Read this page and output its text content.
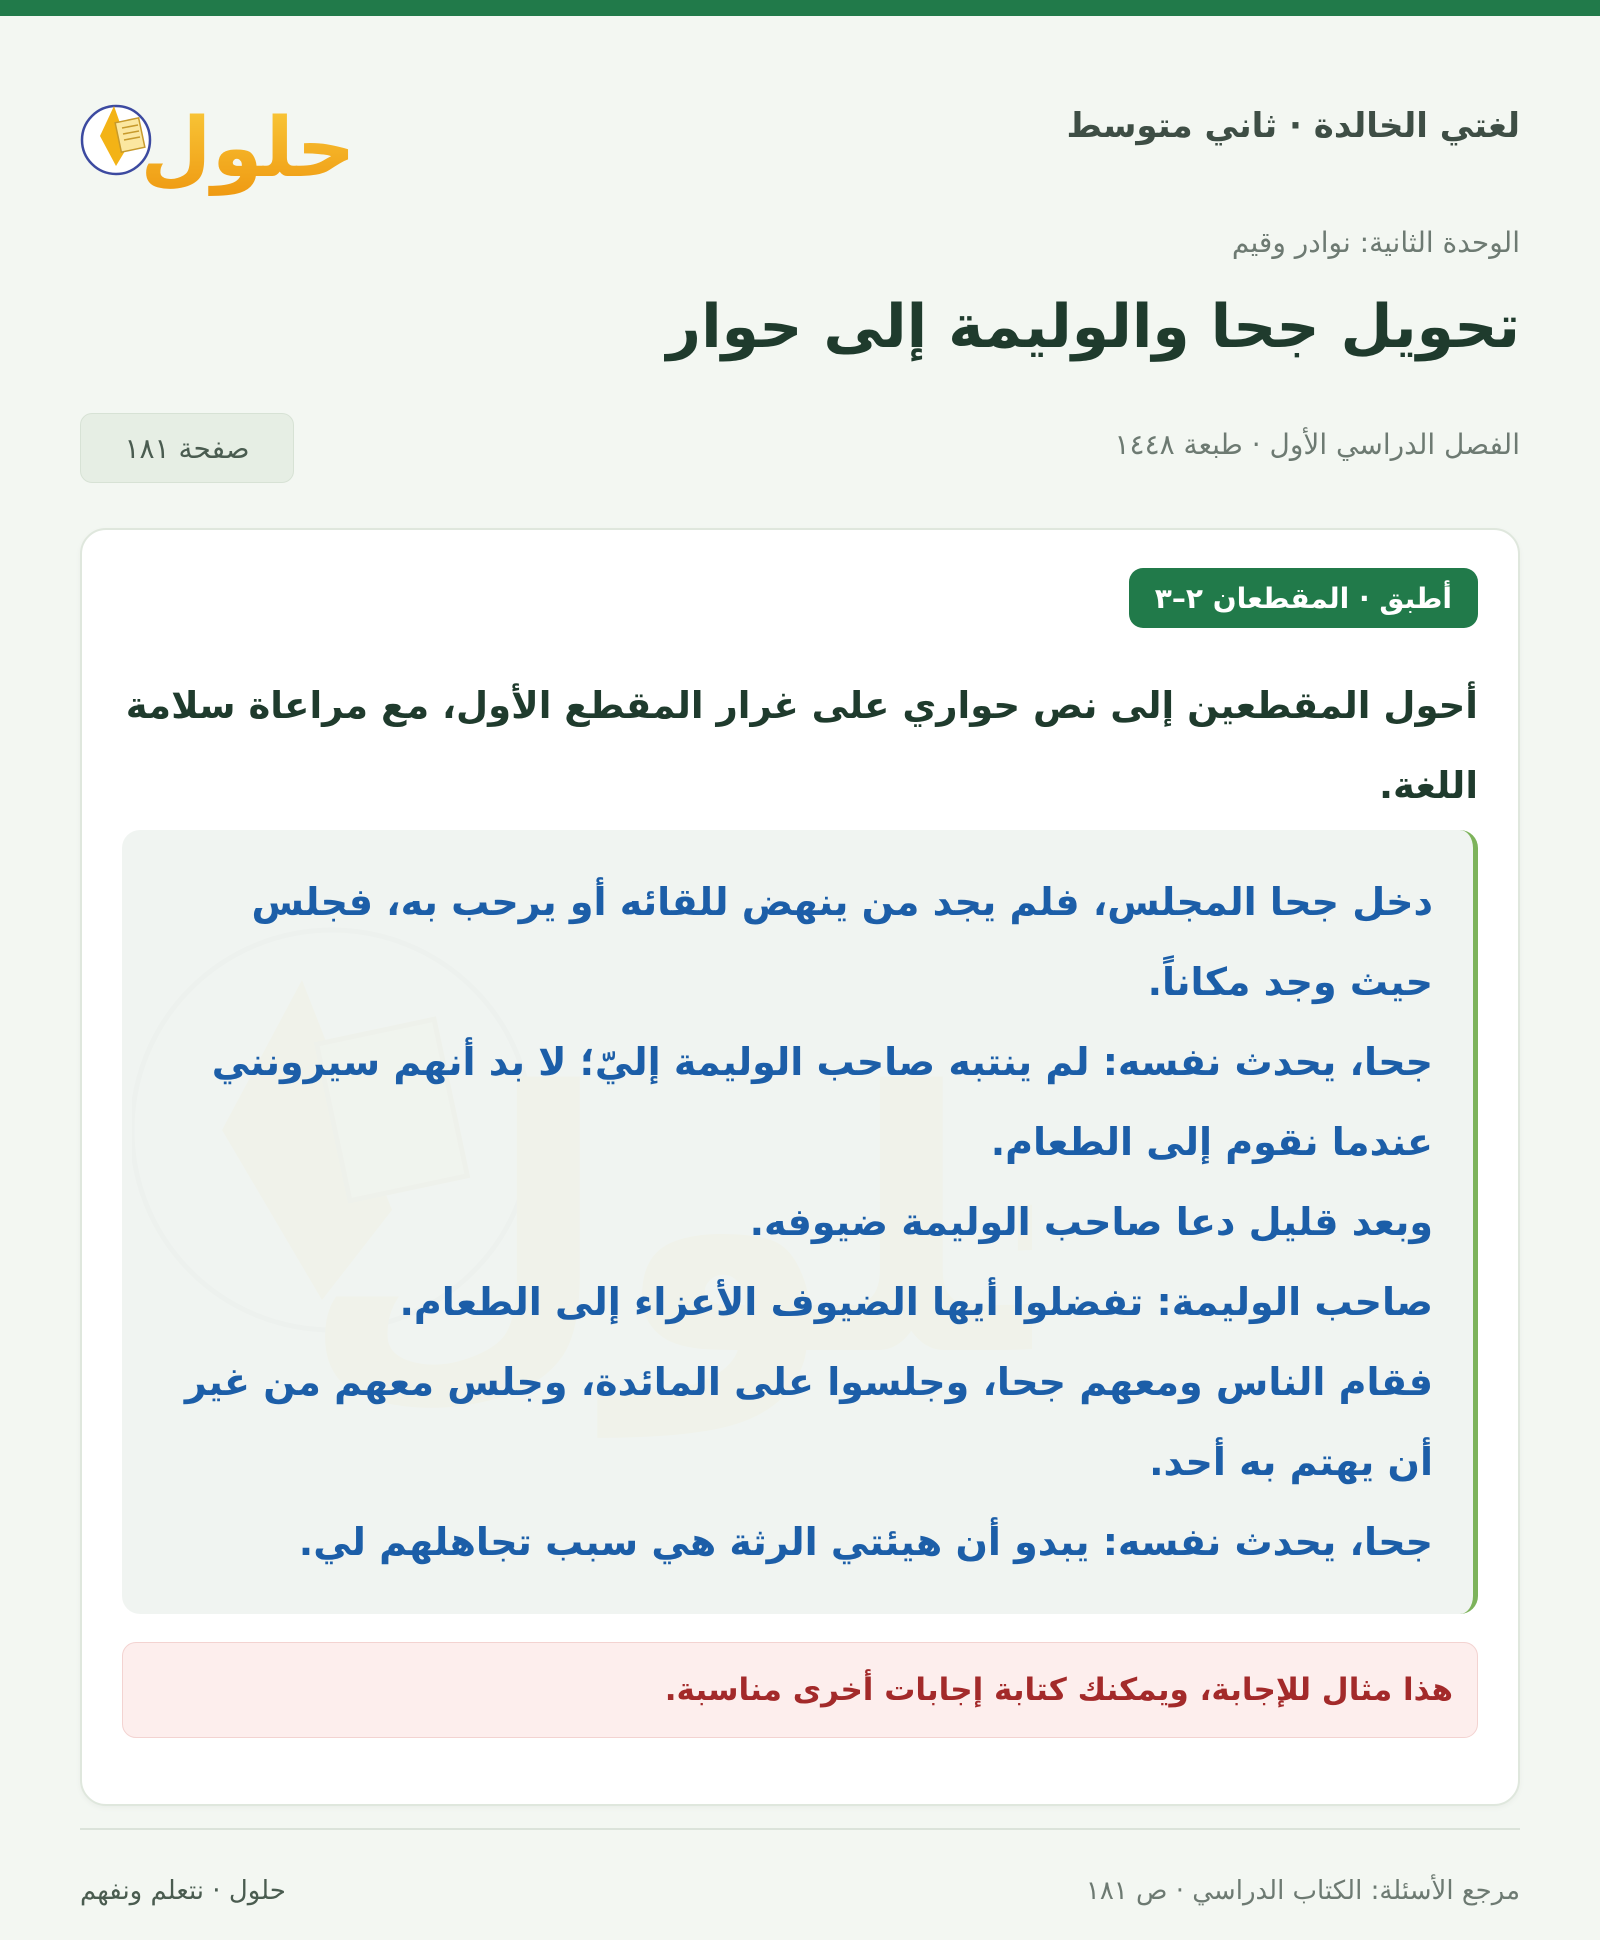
لغتي الخالدة · ثاني متوسط
حلول
الوحدة الثانية: نوادر وقيم
تحويل جحا والوليمة إلى حوار
الفصل الدراسي الأول · طبعة ١٤٤٨
صفحة ١٨١
أطبق · المقطعان ٢–٣
أحول المقطعين إلى نص حواري على غرار المقطع الأول، مع مراعاة سلامة اللغة.

دخل جحا المجلس، فلم يجد من ينهض للقائه أو يرحب به، فجلس حيث وجد مكاناً.

جحا، يحدث نفسه: لم ينتبه صاحب الوليمة إليّ؛ لا بد أنهم سيرونني عندما نقوم إلى الطعام.

وبعد قليل دعا صاحب الوليمة ضيوفه.

صاحب الوليمة: تفضلوا أيها الضيوف الأعزاء إلى الطعام.

فقام الناس ومعهم جحا، وجلسوا على المائدة، وجلس معهم من غير أن يهتم به أحد.

جحا، يحدث نفسه: يبدو أن هيئتي الرثة هي سبب تجاهلهم لي.

هذا مثال للإجابة، ويمكنك كتابة إجابات أخرى مناسبة.
مرجع الأسئلة: الكتاب الدراسي · ص ١٨١
حلول · نتعلم ونفهم
